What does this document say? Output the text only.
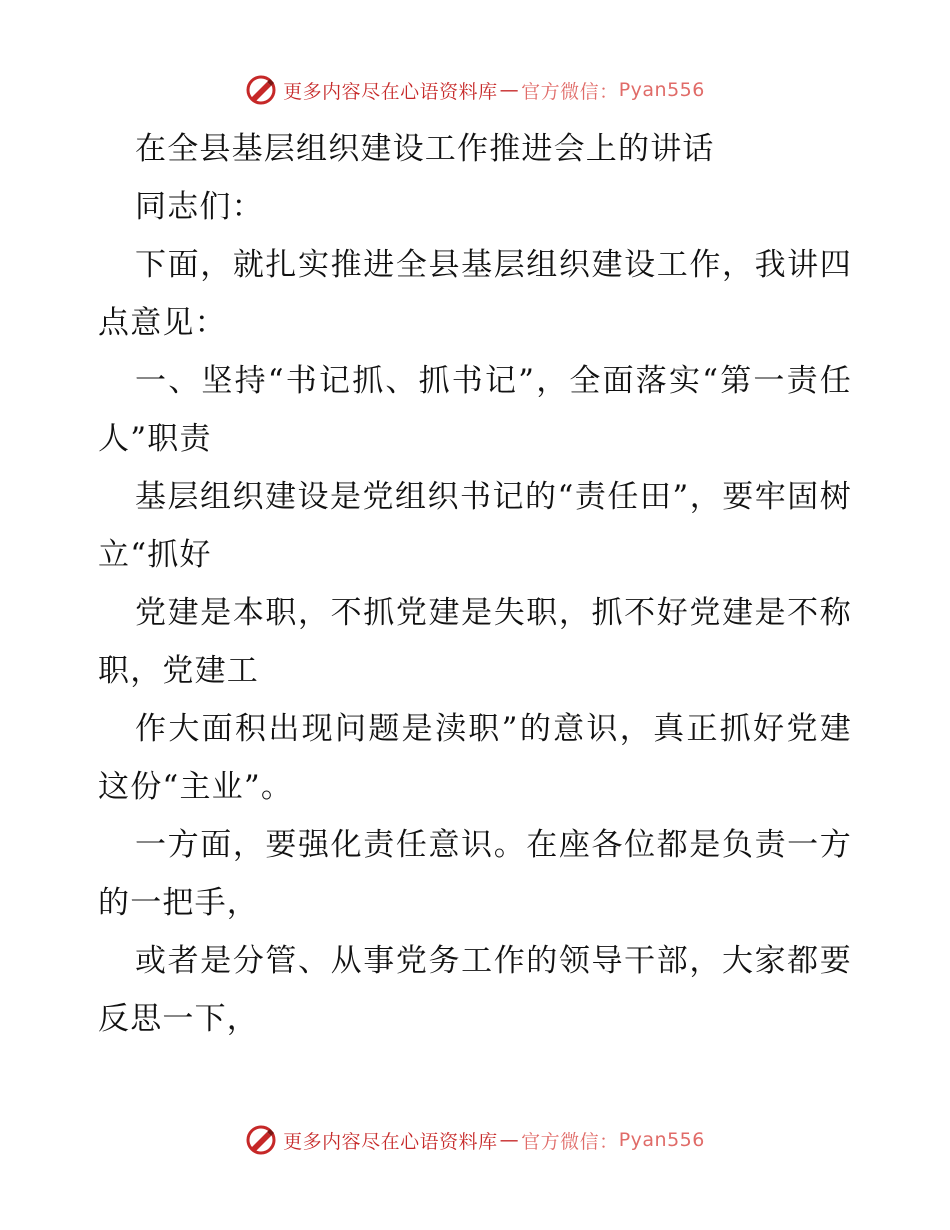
更多内容尽在心语资料库 — 官方微信： Pyan556

在全县基层组织建设工作推进会上的讲话

同志们：

下面，就扎实推进全县基层组织建设工作，我讲四点意见：

一、坚持“书记抓、抓书记”，全面落实“第一责任人”职责

基层组织建设是党组织书记的“责任田”，要牢固树立“抓好

党建是本职，不抓党建是失职，抓不好党建是不称职，党建工

作大面积出现问题是渎职”的意识，真正抓好党建这份“主业”。

一方面，要强化责任意识。在座各位都是负责一方的一把手，

或者是分管、从事党务工作的领导干部，大家都要反思一下，

更多内容尽在心语资料库 — 官方微信： Pyan556
